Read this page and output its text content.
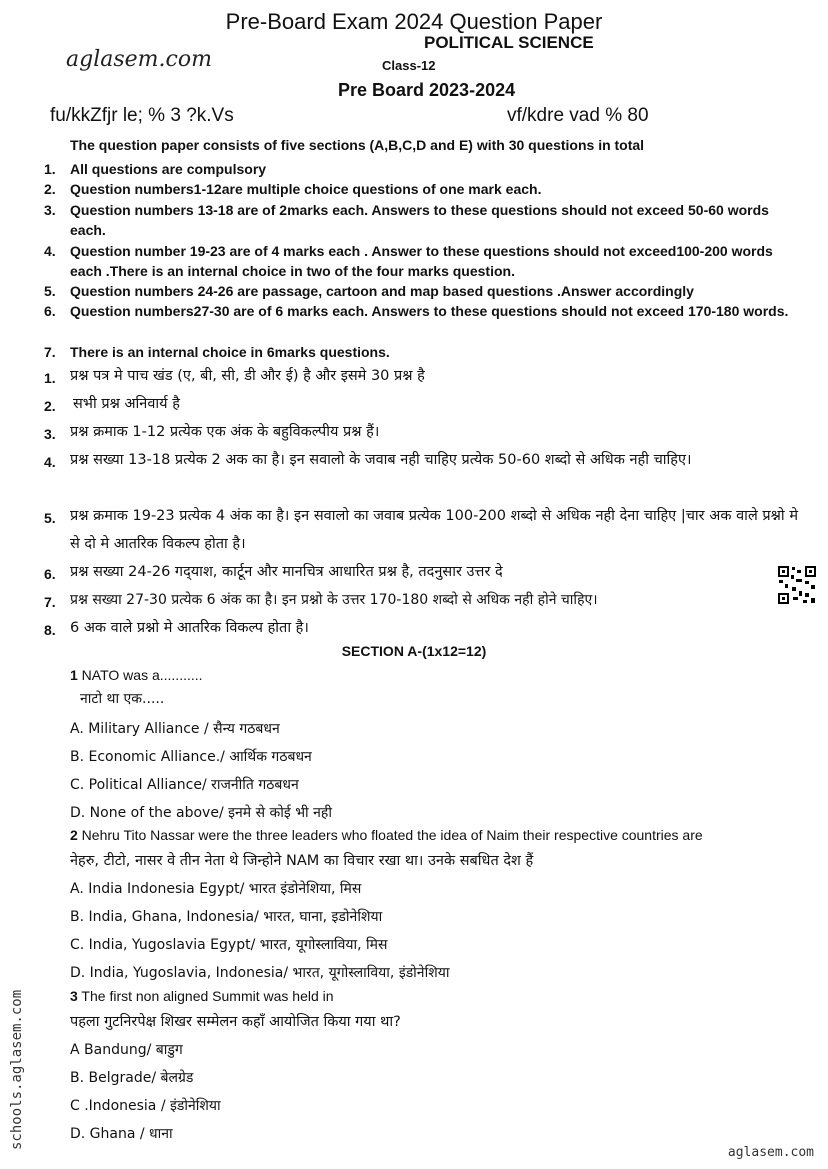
Pre-Board Exam 2024 Question Paper
POLITICAL SCIENCE
aglasem.com	Class-12
Pre Board 2023-2024
fu/kkZfjr le; % 3 ?k.Vs	vf/kdre vad % 80
The question paper consists of five sections (A,B,C,D and E) with 30 questions in total
1. All questions are compulsory
2. Question numbers1-12are multiple choice questions of one mark each.
3. Question numbers 13-18 are of 2marks each. Answers to these questions should not exceed 50-60 words each.
4. Question number 19-23 are of 4 marks each . Answer to these questions should not exceed100-200 words each .There is an internal choice in two of the four marks question.
5. Question numbers 24-26 are passage, cartoon and map based questions .Answer accordingly
6. Question numbers27-30 are of 6 marks each. Answers to these questions should not exceed 170-180 words.
7. There is an internal choice in 6marks questions.
1. प्रश्न पत्र मे पाच खंड (ए, बी, सी, डी और ई) है और इसमे 30 प्रश्न है
2. सभी प्रश्न अनिवार्य है
3. प्रश्न क्रमाक 1-12 प्रत्येक एक अंक के बहुविकल्पीय प्रश्न हैं।
4. प्रश्न सख्या 13-18 प्रत्येक 2 अक का है। इन सवालो के जवाब नही चाहिए प्रत्येक 50-60 शब्दो से अधिक नही चाहिए।
5. प्रश्न क्रमाक 19-23 प्रत्येक 4 अंक का है। इन सवालो का जवाब प्रत्येक 100-200 शब्दो से अधिक नही देना चाहिए |चार अक वाले प्रश्नो मे से दो मे आतरिक विकल्प होता है।
6. प्रश्न सख्या 24-26 गद्‌याश, कार्टून और मानचित्र आधारित प्रश्न है, तदनुसार उत्तर दे
7. प्रश्न सख्या 27-30 प्रत्येक 6 अंक का है। इन प्रश्नो के उत्तर 170-180 शब्दो से अधिक नही होने चाहिए।
8. 6 अक वाले प्रश्नो मे आतरिक विकल्प होता है।
SECTION A-(1x12=12)
1 NATO was a...........
नाटो था एक.....
A. Military Alliance / सैन्य गठबधन
B. Economic Alliance./ आर्थिक गठबधन
C. Political Alliance/ राजनीति गठबधन
D. None of the above/ इनमे से कोई भी नही
2 Nehru Tito Nassar were the three leaders who floated the idea of Naim their respective countries are
नेहरु, टीटो, नासर वे तीन नेता थे जिन्होने NAM का विचार रखा था। उनके सबधित देश हैं
A. India Indonesia Egypt/ भारत इंडोनेशिया, मिस
B. India, Ghana, Indonesia/ भारत, घाना, इडोनेशिया
C. India, Yugoslavia Egypt/ भारत, यूगोस्लाविया, मिस
D. India, Yugoslavia, Indonesia/ भारत, यूगोस्लाविया, इंडोनेशिया
3 The first non aligned Summit was held in
पहला गुटनिरपेक्ष शिखर सम्मेलन कहाँ आयोजित किया गया था?
A Bandung/ बाडुग
B. Belgrade/ बेलग्रेड
C .Indonesia / इंडोनेशिया
D. Ghana / धाना
schools.aglasem.com
aglasem.com
